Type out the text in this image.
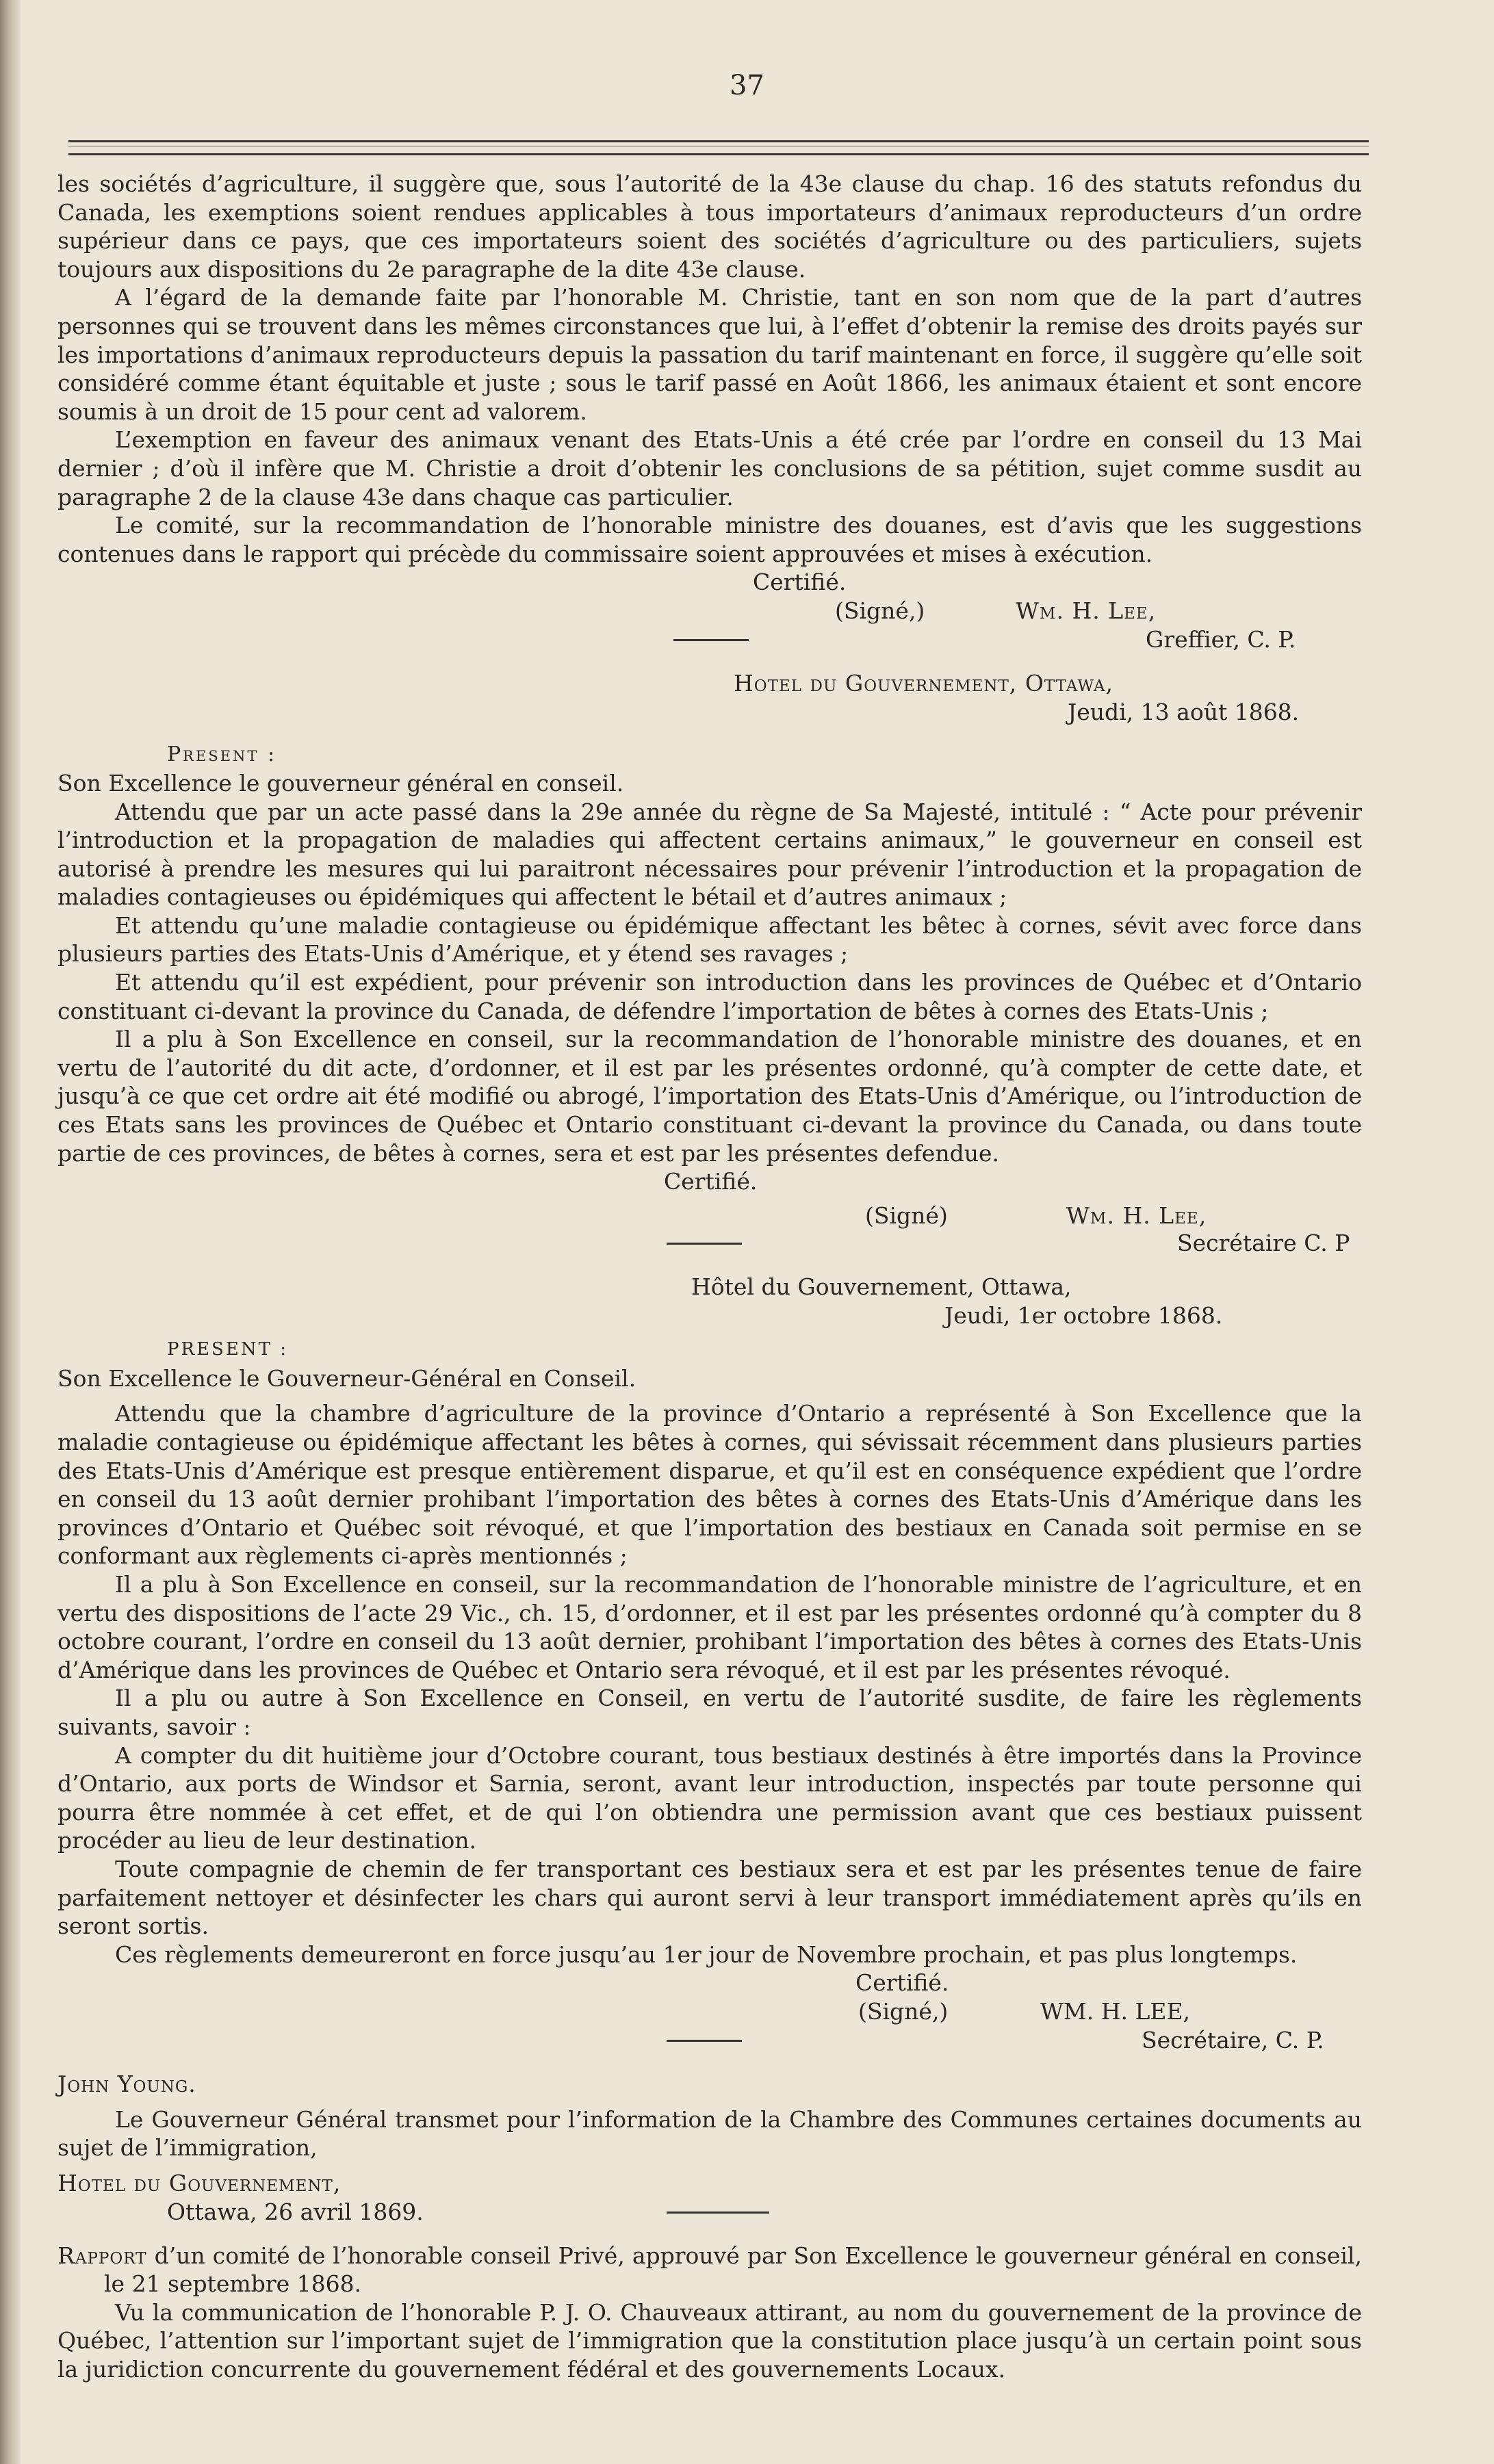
37

les sociétés d’agriculture, il suggère que, sous l’autorité de la 43e clause du chap. 16 des statuts refondus du Canada, les exemptions soient rendues applicables à tous importateurs d’animaux reproducteurs d’un ordre supérieur dans ce pays, que ces importateurs soient des sociétés d’agriculture ou des particuliers, sujets toujours aux dispositions du 2e paragraphe de la dite 43e clause.

A l’égard de la demande faite par l’honorable M. Christie, tant en son nom que de la part d’autres personnes qui se trouvent dans les mêmes circonstances que lui, à l’effet d’obtenir la remise des droits payés sur les importations d’animaux reproducteurs depuis la passation du tarif maintenant en force, il suggère qu’elle soit considéré comme étant équitable et juste ; sous le tarif passé en Août 1866, les animaux étaient et sont encore soumis à un droit de 15 pour cent ad valorem.

L’exemption en faveur des animaux venant des Etats-Unis a été crée par l’ordre en conseil du 13 Mai dernier ; d’où il infère que M. Christie a droit d’obtenir les conclusions de sa pétition, sujet comme susdit au paragraphe 2 de la clause 43e dans chaque cas particulier.

Le comité, sur la recommandation de l’honorable ministre des douanes, est d’avis que les suggestions contenues dans le rapport qui précède du commissaire soient approuvées et mises à exécution.

Certifié.
(Signé,)	Wm. H. Lee,
Greffier, C. P.
Hotel du Gouvernement, Ottawa,
Jeudi, 13 août 1868.
Present :

Son Excellence le gouverneur général en conseil.

Attendu que par un acte passé dans la 29e année du règne de Sa Majesté, intitulé : “ Acte pour prévenir l’introduction et la propagation de maladies qui affectent certains animaux,” le gouverneur en conseil est autorisé à prendre les mesures qui lui paraitront nécessaires pour prévenir l’introduction et la propagation de maladies contagieuses ou épidémiques qui affectent le bétail et d’autres animaux ;

Et attendu qu’une maladie contagieuse ou épidémique affectant les bêtec à cornes, sévit avec force dans plusieurs parties des Etats-Unis d’Amérique, et y étend ses ravages ;

Et attendu qu’il est expédient, pour prévenir son introduction dans les provinces de Québec et d’Ontario constituant ci-devant la province du Canada, de défendre l’importation de bêtes à cornes des Etats-Unis ;

Il a plu à Son Excellence en conseil, sur la recommandation de l’honorable ministre des douanes, et en vertu de l’autorité du dit acte, d’ordonner, et il est par les présentes ordonné, qu’à compter de cette date, et jusqu’à ce que cet ordre ait été modifié ou abrogé, l’importation des Etats-Unis d’Amérique, ou l’introduction de ces Etats sans les provinces de Québec et Ontario constituant ci-devant la province du Canada, ou dans toute partie de ces provinces, de bêtes à cornes, sera et est par les présentes defendue.

Certifié.
(Signé)	Wm. H. Lee,
Secrétaire C. P
Hôtel du Gouvernement, Ottawa,
Jeudi, 1er octobre 1868.
PRESENT :

Son Excellence le Gouverneur-Général en Conseil.

Attendu que la chambre d’agriculture de la province d’Ontario a représenté à Son Excellence que la maladie contagieuse ou épidémique affectant les bêtes à cornes, qui sévissait récemment dans plusieurs parties des Etats-Unis d’Amérique est presque entièrement disparue, et qu’il est en conséquence expédient que l’ordre en conseil du 13 août dernier prohibant l’importation des bêtes à cornes des Etats-Unis d’Amérique dans les provinces d’Ontario et Québec soit révoqué, et que l’importation des bestiaux en Canada soit permise en se conformant aux règlements ci-après mentionnés ;

Il a plu à Son Excellence en conseil, sur la recommandation de l’honorable ministre de l’agriculture, et en vertu des dispositions de l’acte 29 Vic., ch. 15, d’ordonner, et il est par les présentes ordonné qu’à compter du 8 octobre courant, l’ordre en conseil du 13 août dernier, prohibant l’importation des bêtes à cornes des Etats-Unis d’Amérique dans les provinces de Québec et Ontario sera révoqué, et il est par les présentes révoqué.

Il a plu ou autre à Son Excellence en Conseil, en vertu de l’autorité susdite, de faire les règlements suivants, savoir :

A compter du dit huitième jour d’Octobre courant, tous bestiaux destinés à être importés dans la Province d’Ontario, aux ports de Windsor et Sarnia, seront, avant leur introduction, inspectés par toute personne qui pourra être nommée à cet effet, et de qui l’on obtiendra une permission avant que ces bestiaux puissent procéder au lieu de leur destination.

Toute compagnie de chemin de fer transportant ces bestiaux sera et est par les présentes tenue de faire parfaitement nettoyer et désinfecter les chars qui auront servi à leur transport immédiatement après qu’ils en seront sortis.

Ces règlements demeureront en force jusqu’au 1er jour de Novembre prochain, et pas plus longtemps.

Certifié.
(Signé,)	WM. H. LEE,
Secrétaire, C. P.

John Young.

Le Gouverneur Général transmet pour l’information de la Chambre des Communes certaines documents au sujet de l’immigration,

Hotel du Gouvernement,

Ottawa, 26 avril 1869.

Rapport d’un comité de l’honorable conseil Privé, approuvé par Son Excellence le gouverneur général en conseil, le 21 septembre 1868.

Vu la communication de l’honorable P. J. O. Chauveaux attirant, au nom du gouvernement de la province de Québec, l’attention sur l’important sujet de l’immigration que la constitution place jusqu’à un certain point sous la juridiction concurrente du gouvernement fédéral et des gouvernements Locaux.
